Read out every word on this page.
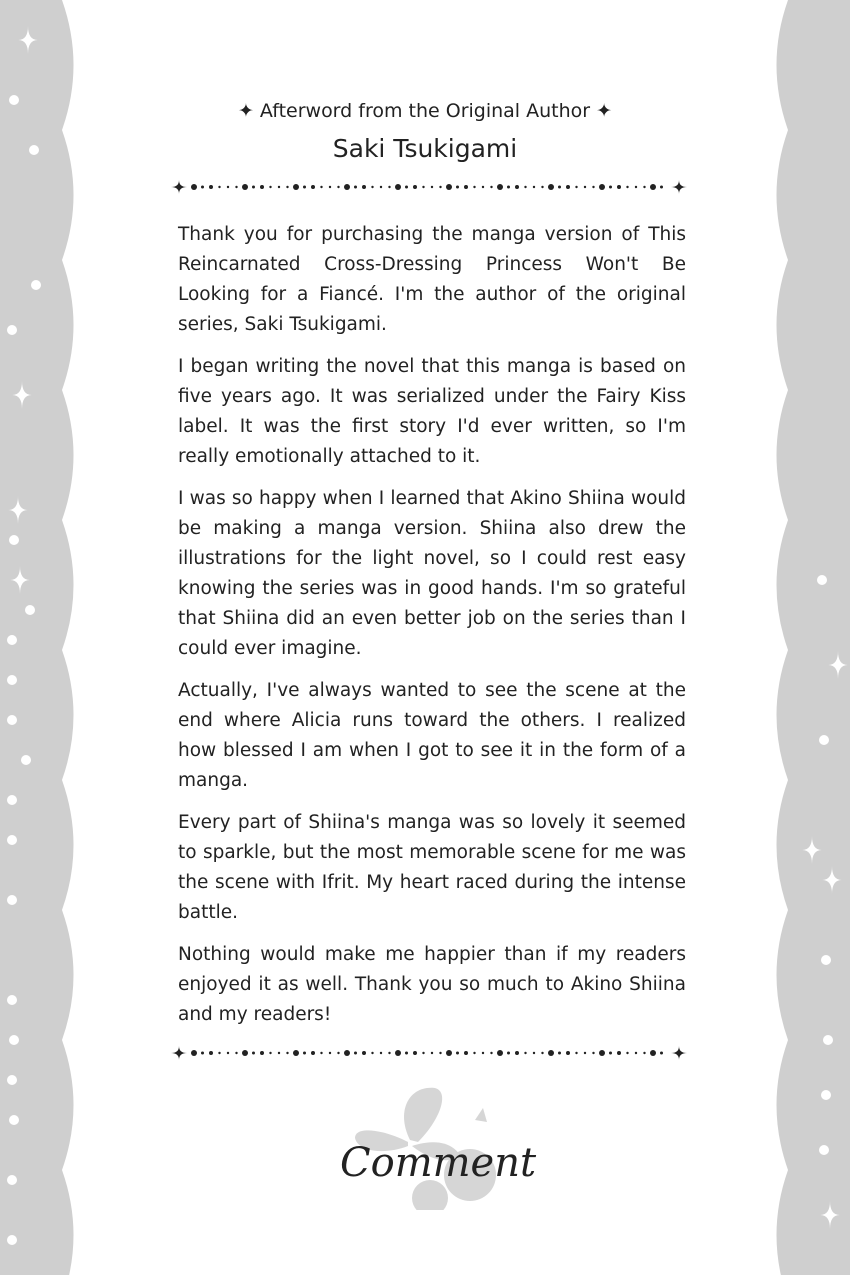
✦ Afterword from the Original Author ✦
Saki Tsukigami
Thank you for purchasing the manga version of This
Reincarnated Cross-Dressing Princess Won't Be
Looking for a Fiancé. I'm the author of the original
series, Saki Tsukigami.
I began writing the novel that this manga is based on
five years ago. It was serialized under the Fairy Kiss
label. It was the first story I'd ever written, so I'm
really emotionally attached to it.
I was so happy when I learned that Akino Shiina would
be making a manga version. Shiina also drew the
illustrations for the light novel, so I could rest easy
knowing the series was in good hands. I'm so grateful
that Shiina did an even better job on the series than I
could ever imagine.
Actually, I've always wanted to see the scene at the
end where Alicia runs toward the others. I realized
how blessed I am when I got to see it in the form of a
manga.
Every part of Shiina's manga was so lovely it seemed
to sparkle, but the most memorable scene for me was
the scene with Ifrit. My heart raced during the intense
battle.
Nothing would make me happier than if my readers
enjoyed it as well. Thank you so much to Akino Shiina
and my readers!
Comment
